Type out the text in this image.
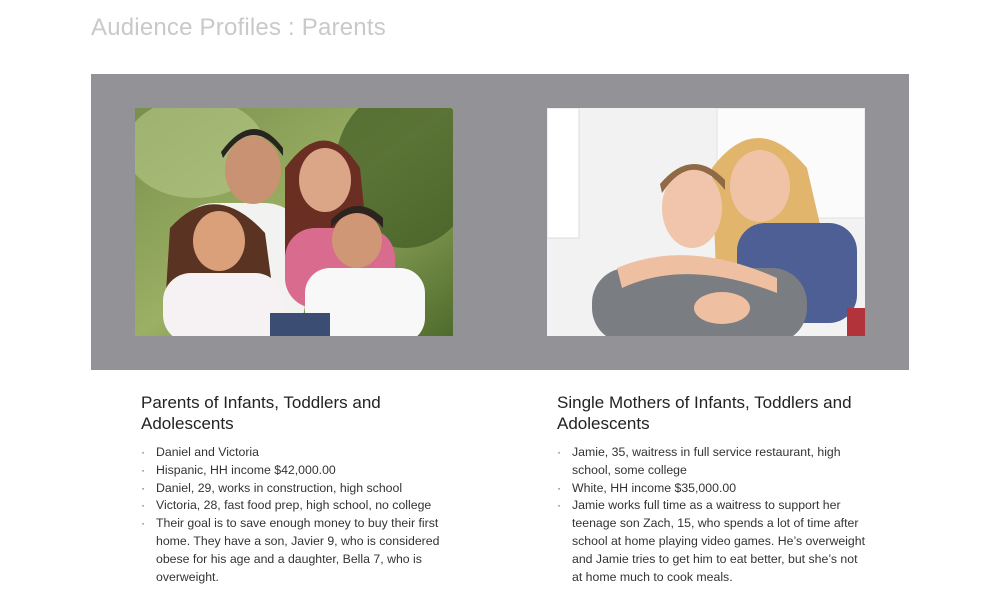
Audience Profiles : Parents
Parents of Infants, Toddlers and Adolescents
· Daniel and Victoria
· Hispanic, HH income $42,000.00
· Daniel, 29, works in construction, high school
· Victoria, 28, fast food prep, high school, no college
· Their goal is to save enough money to buy their first home. They have a son, Javier 9, who is considered obese for his age and a daughter, Bella 7, who is overweight.
Single Mothers of Infants, Toddlers and Adolescents
· Jamie, 35, waitress in full service restaurant, high school, some college
· White, HH income $35,000.00
· Jamie works full time as a waitress to support her teenage son Zach, 15, who spends a lot of time after school at home playing video games. He’s overweight and Jamie tries to get him to eat better, but she’s not at home much to cook meals.
